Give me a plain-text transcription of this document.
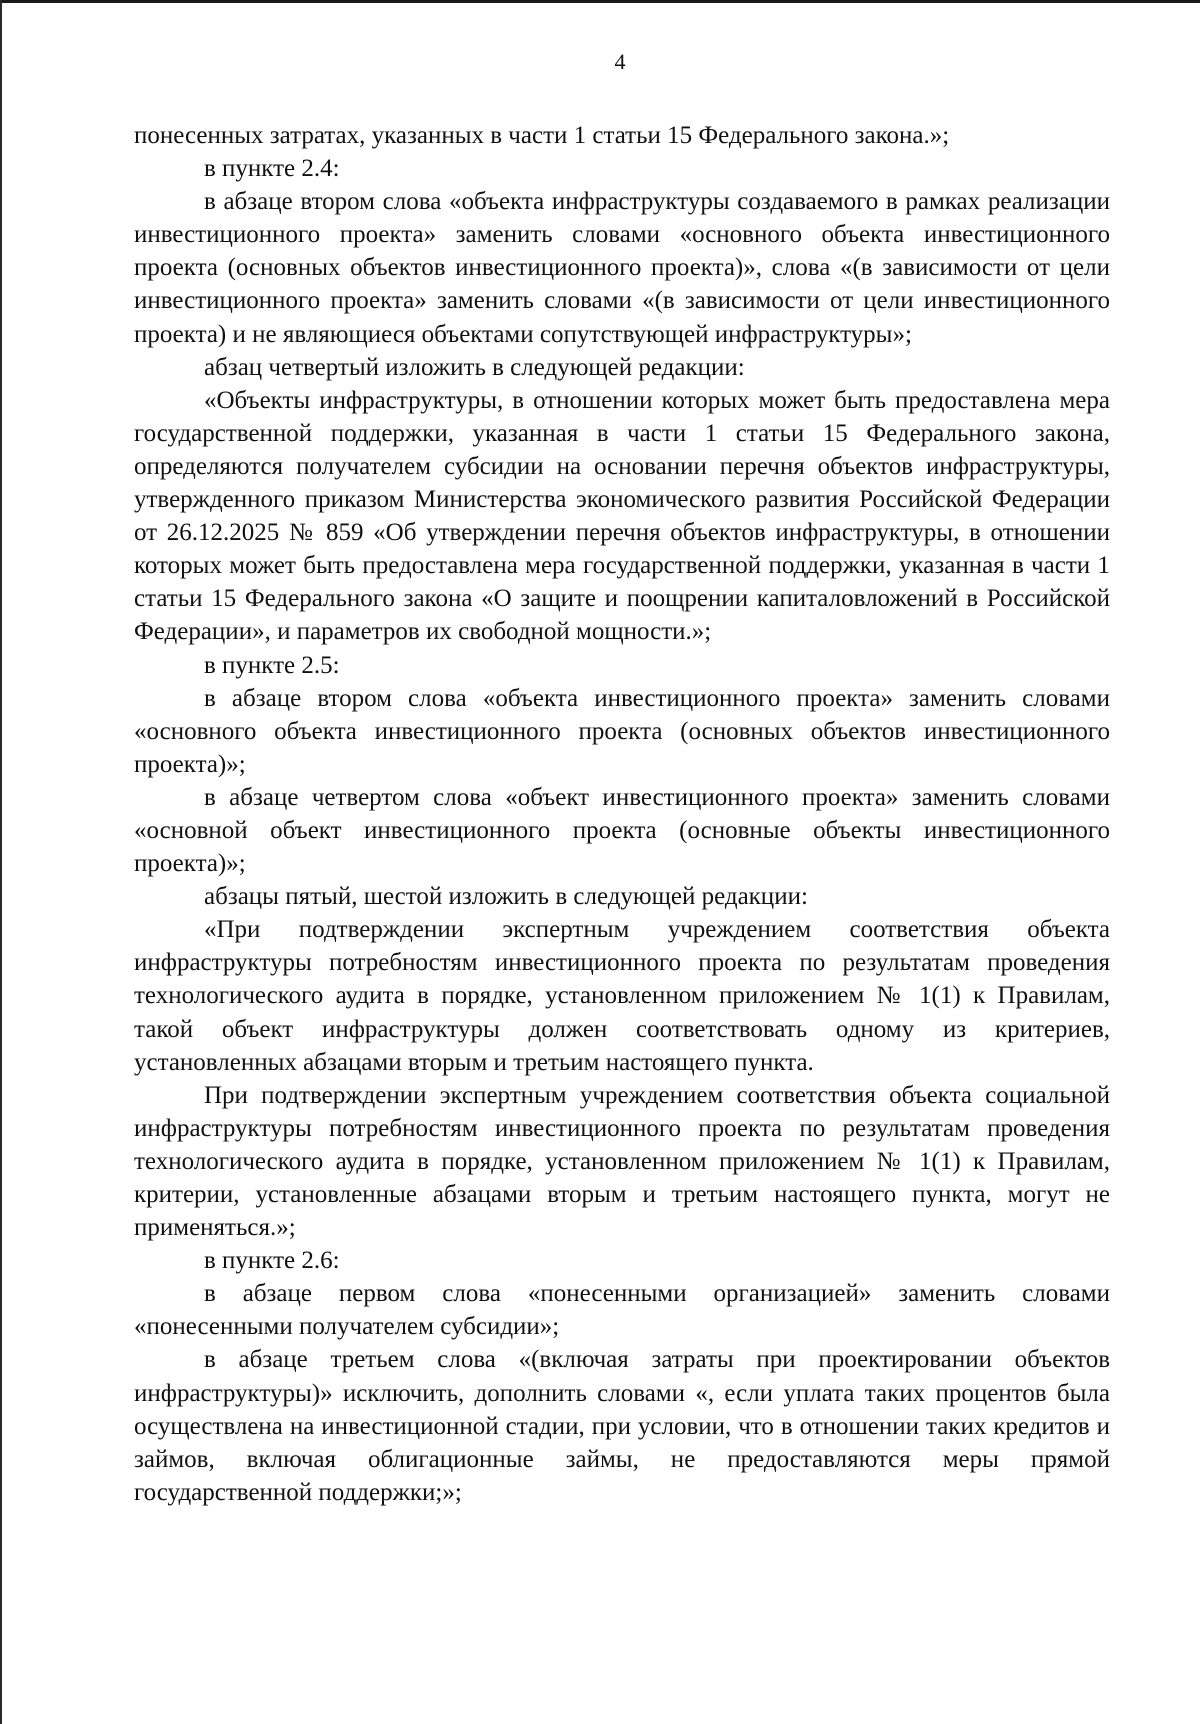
4

понесенных затратах, указанных в части 1 статьи 15 Федерального закона.»;

в пункте 2.4:

в абзаце втором слова «объекта инфраструктуры создаваемого в рамках реализации инвестиционного проекта» заменить словами «основного объекта инвестиционного проекта (основных объектов инвестиционного проекта)», слова «(в зависимости от цели инвестиционного проекта» заменить словами «(в зависимости от цели инвестиционного проекта) и не являющиеся объектами сопутствующей инфраструктуры»;

абзац четвертый изложить в следующей редакции:

«Объекты инфраструктуры, в отношении которых может быть предоставлена мера государственной поддержки, указанная в части 1 статьи 15 Федерального закона, определяются получателем субсидии на основании перечня объектов инфраструктуры, утвержденного приказом Министерства экономического развития Российской Федерации от 26.12.2025 № 859 «Об утверждении перечня объектов инфраструктуры, в отношении которых может быть предоставлена мера государственной поддержки, указанная в части 1 статьи 15 Федерального закона «О защите и поощрении капиталовложений в Российской Федерации», и параметров их свободной мощности.»;

в пункте 2.5:

в абзаце втором слова «объекта инвестиционного проекта» заменить словами «основного объекта инвестиционного проекта (основных объектов инвестиционного проекта)»;

в абзаце четвертом слова «объект инвестиционного проекта» заменить словами «основной объект инвестиционного проекта (основные объекты инвестиционного проекта)»;

абзацы пятый, шестой изложить в следующей редакции:

«При подтверждении экспертным учреждением соответствия объекта инфраструктуры потребностям инвестиционного проекта по результатам проведения технологического аудита в порядке, установленном приложением № 1(1) к Правилам, такой объект инфраструктуры должен соответствовать одному из критериев, установленных абзацами вторым и третьим настоящего пункта.

При подтверждении экспертным учреждением соответствия объекта социальной инфраструктуры потребностям инвестиционного проекта по результатам проведения технологического аудита в порядке, установленном приложением № 1(1) к Правилам, критерии, установленные абзацами вторым и третьим настоящего пункта, могут не применяться.»;

в пункте 2.6:

в абзаце первом слова «понесенными организацией» заменить словами «понесенными получателем субсидии»;

в абзаце третьем слова «(включая затраты при проектировании объектов инфраструктуры)» исключить, дополнить словами «, если уплата таких процентов была осуществлена на инвестиционной стадии, при условии, что в отношении таких кредитов и займов, включая облигационные займы, не предоставляются меры прямой государственной поддержки;»;
